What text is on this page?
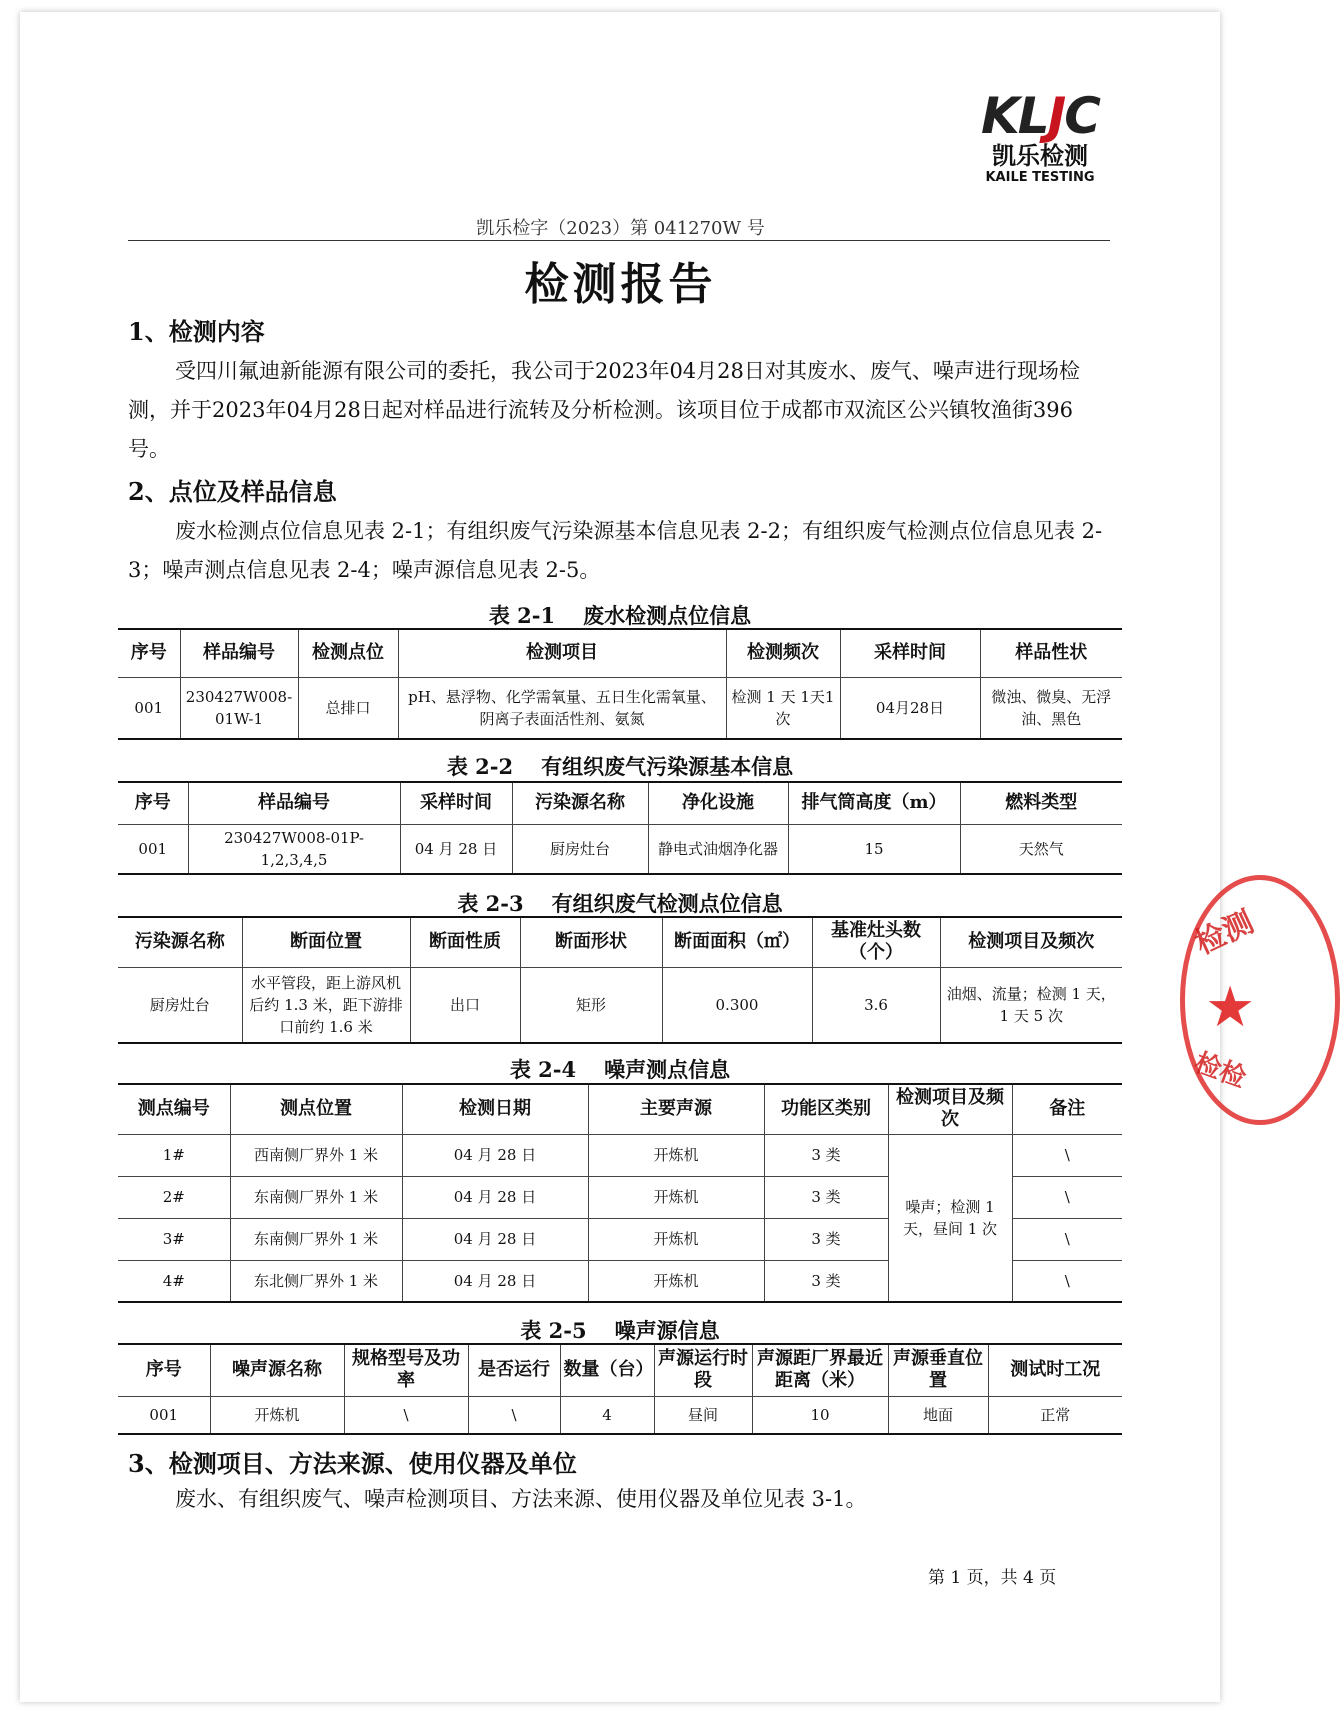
KLJC
凯乐检测
KAILE TESTING
凯乐检字（2023）第 041270W 号
检测报告
1、检测内容
受四川氟迪新能源有限公司的委托，我公司于2023年04月28日对其废水、废气、噪声进行现场检测，并于2023年04月28日起对样品进行流转及分析检测。该项目位于成都市双流区公兴镇牧渔街396号。
2、点位及样品信息
废水检测点位信息见表 2-1；有组织废气污染源基本信息见表 2-2；有组织废气检测点位信息见表 2-3；噪声测点信息见表 2-4；噪声源信息见表 2-5。
表 2-1 废水检测点位信息
序号	样品编号	检测点位	检测项目	检测频次	采样时间	样品性状
001	230427W008-01W-1	总排口	pH、悬浮物、化学需氧量、五日生化需氧量、阴离子表面活性剂、氨氮	检测 1 天 1天1次	04月28日	微浊、微臭、无浮油、黑色
表 2-2 有组织废气污染源基本信息
序号	样品编号	采样时间	污染源名称	净化设施	排气筒高度（m）	燃料类型
001	230427W008-01P-1,2,3,4,5	04 月 28 日	厨房灶台	静电式油烟净化器	15	天然气
表 2-3 有组织废气检测点位信息
污染源名称	断面位置	断面性质	断面形状	断面面积（㎡）	基准灶头数（个）	检测项目及频次
厨房灶台	水平管段，距上游风机后约 1.3 米，距下游排口前约 1.6 米	出口	矩形	0.300	3.6	油烟、流量；检测 1 天，1 天 5 次
表 2-4 噪声测点信息
测点编号	测点位置	检测日期	主要声源	功能区类别	检测项目及频次	备注
1#	西南侧厂界外 1 米	04 月 28 日	开炼机	3 类	噪声；检测 1 天，昼间 1 次	\
2#	东南侧厂界外 1 米	04 月 28 日	开炼机	3 类		\
3#	东南侧厂界外 1 米	04 月 28 日	开炼机	3 类		\
4#	东北侧厂界外 1 米	04 月 28 日	开炼机	3 类		\
表 2-5 噪声源信息
序号	噪声源名称	规格型号及功率	是否运行	数量（台）	声源运行时段	声源距厂界最近距离（米）	声源垂直位置	测试时工况
001	开炼机	\	\	4	昼间	10	地面	正常
3、检测项目、方法来源、使用仪器及单位
废水、有组织废气、噪声检测项目、方法来源、使用仪器及单位见表 3-1。
第 1 页，共 4 页
检测
★
检检
